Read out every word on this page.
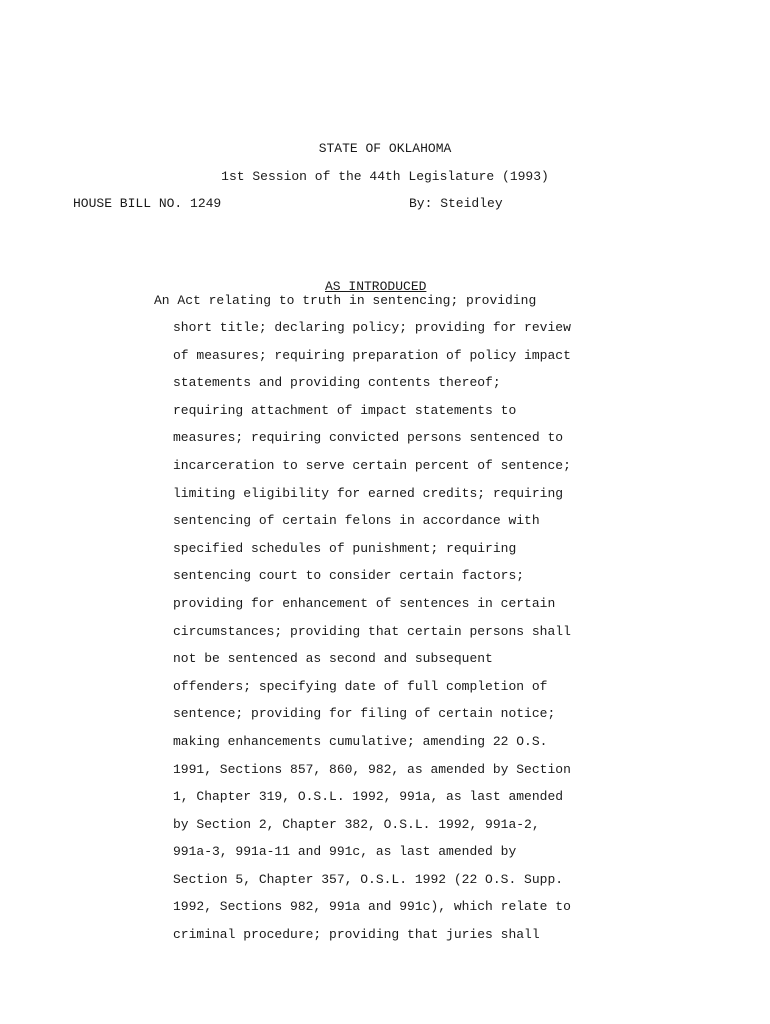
STATE OF OKLAHOMA
1st Session of the 44th Legislature (1993)
HOUSE BILL NO. 1249	By: Steidley
AS INTRODUCED
An Act relating to truth in sentencing; providing
short title; declaring policy; providing for review
of measures; requiring preparation of policy impact
statements and providing contents thereof;
requiring attachment of impact statements to
measures; requiring convicted persons sentenced to
incarceration to serve certain percent of sentence;
limiting eligibility for earned credits; requiring
sentencing of certain felons in accordance with
specified schedules of punishment; requiring
sentencing court to consider certain factors;
providing for enhancement of sentences in certain
circumstances; providing that certain persons shall
not be sentenced as second and subsequent
offenders; specifying date of full completion of
sentence; providing for filing of certain notice;
making enhancements cumulative; amending 22 O.S.
1991, Sections 857, 860, 982, as amended by Section
1, Chapter 319, O.S.L. 1992, 991a, as last amended
by Section 2, Chapter 382, O.S.L. 1992, 991a-2,
991a-3, 991a-11 and 991c, as last amended by
Section 5, Chapter 357, O.S.L. 1992 (22 O.S. Supp.
1992, Sections 982, 991a and 991c), which relate to
criminal procedure; providing that juries shall
